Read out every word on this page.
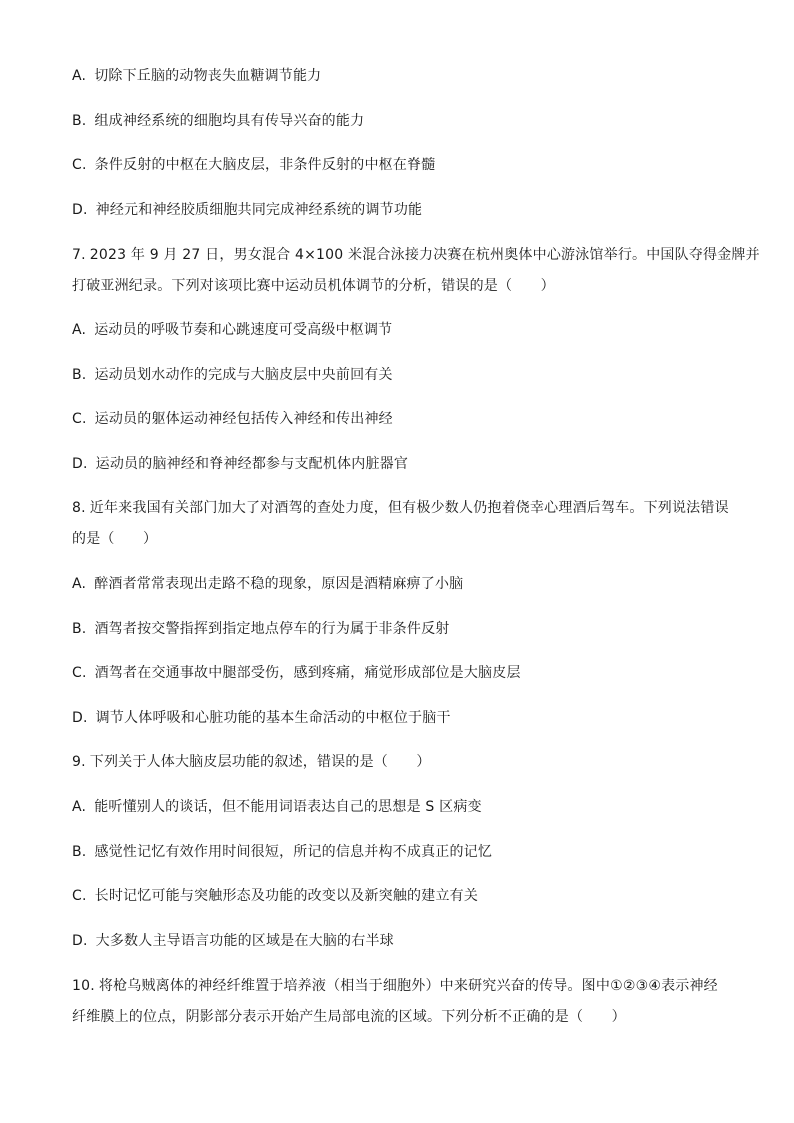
A. 切除下丘脑的动物丧失血糖调节能力
B. 组成神经系统的细胞均具有传导兴奋的能力
C. 条件反射的中枢在大脑皮层，非条件反射的中枢在脊髓
D. 神经元和神经胶质细胞共同完成神经系统的调节功能
7. 2023 年 9 月 27 日，男女混合 4×100 米混合泳接力决赛在杭州奥体中心游泳馆举行。中国队夺得金牌并
打破亚洲纪录。下列对该项比赛中运动员机体调节的分析，错误的是（　　）
A. 运动员的呼吸节奏和心跳速度可受高级中枢调节
B. 运动员划水动作的完成与大脑皮层中央前回有关
C. 运动员的躯体运动神经包括传入神经和传出神经
D. 运动员的脑神经和脊神经都参与支配机体内脏器官
8. 近年来我国有关部门加大了对酒驾的查处力度，但有极少数人仍抱着侥幸心理酒后驾车。下列说法错误
的是（　　）
A. 醉酒者常常表现出走路不稳的现象，原因是酒精麻痹了小脑
B. 酒驾者按交警指挥到指定地点停车的行为属于非条件反射
C. 酒驾者在交通事故中腿部受伤，感到疼痛，痛觉形成部位是大脑皮层
D. 调节人体呼吸和心脏功能的基本生命活动的中枢位于脑干
9. 下列关于人体大脑皮层功能的叙述，错误的是（　　）
A. 能听懂别人的谈话，但不能用词语表达自己的思想是 S 区病变
B. 感觉性记忆有效作用时间很短，所记的信息并构不成真正的记忆
C. 长时记忆可能与突触形态及功能的改变以及新突触的建立有关
D. 大多数人主导语言功能的区域是在大脑的右半球
10. 将枪乌贼离体的神经纤维置于培养液（相当于细胞外）中来研究兴奋的传导。图中①②③④表示神经
纤维膜上的位点，阴影部分表示开始产生局部电流的区域。下列分析不正确的是（　　）
